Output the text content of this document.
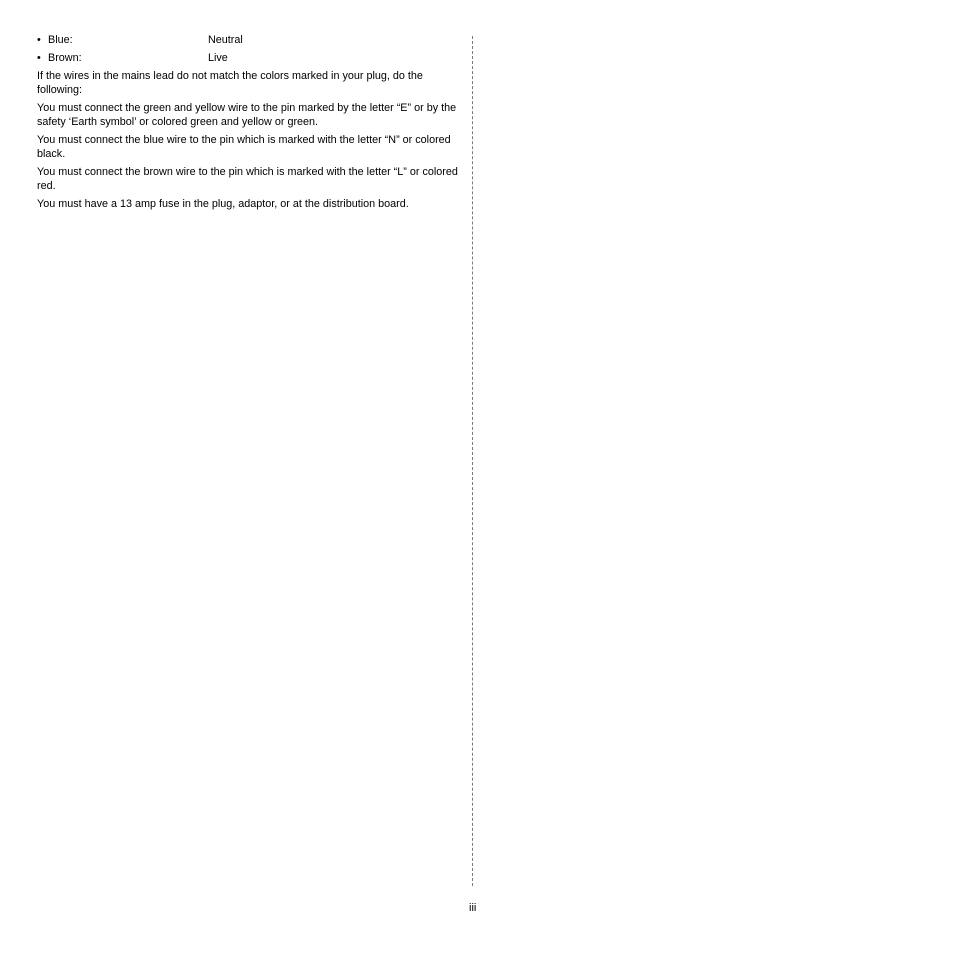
• Blue:	Neutral
• Brown:	Live

If the wires in the mains lead do not match the colors marked in your plug, do the following:

You must connect the green and yellow wire to the pin marked by the letter “E” or by the safety ‘Earth symbol’ or colored green and yellow or green.

You must connect the blue wire to the pin which is marked with the letter “N” or colored black.

You must connect the brown wire to the pin which is marked with the letter “L” or colored red.

You must have a 13 amp fuse in the plug, adaptor, or at the distribution board.

iii
